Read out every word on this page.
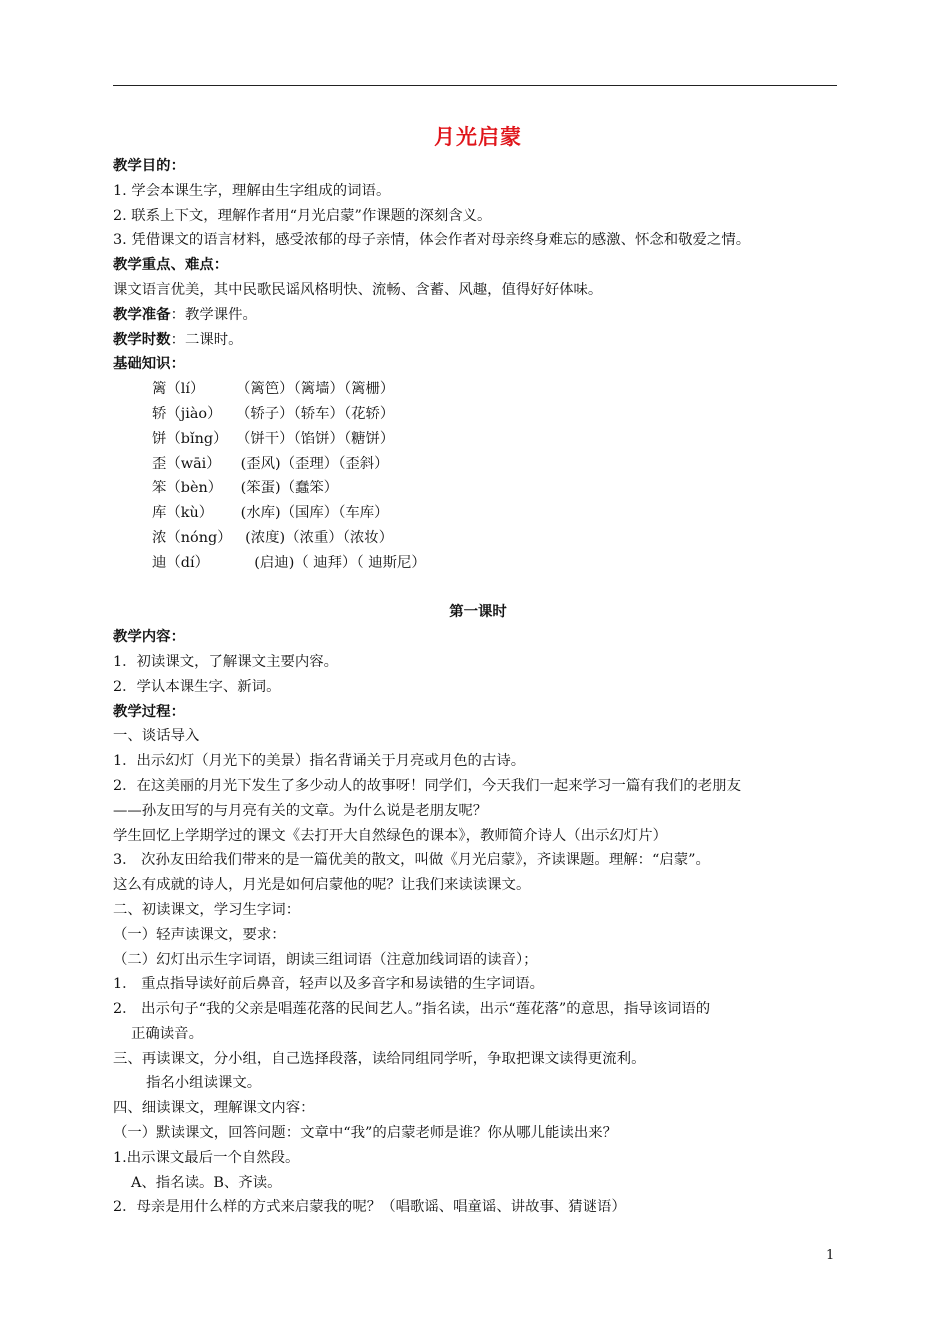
月光启蒙
教学目的：
1. 学会本课生字，理解由生字组成的词语。
2. 联系上下文，理解作者用“月光启蒙”作课题的深刻含义。
3. 凭借课文的语言材料，感受浓郁的母子亲情，体会作者对母亲终身难忘的感激、怀念和敬爱之情。
教学重点、难点：
课文语言优美，其中民歌民谣风格明快、流畅、含蓄、风趣，值得好好体味。
教学准备：教学课件。
教学时数：二课时。
基础知识：
篱（lí）	（篱笆）（篱墙）（篱栅）
轿（jiào）	（轿子）（轿车）（花轿）
饼（bǐng） （饼干）（馅饼）（糖饼）
歪（wāi）	(歪风)（歪理）（歪斜）
笨（bèn） (笨蛋)（蠢笨）
库（kù）	(水库)（国库）（车库）
浓（nóng） (浓度)（浓重）（浓妆）
迪（dí）	(启迪)（ 迪拜）（ 迪斯尼）
第一课时
教学内容：
1．初读课文，了解课文主要内容。
2．学认本课生字、新词。
教学过程：
一、谈话导入
1．出示幻灯（月光下的美景）指名背诵关于月亮或月色的古诗。
2．在这美丽的月光下发生了多少动人的故事呀！同学们，今天我们一起来学习一篇有我们的老朋友
——孙友田写的与月亮有关的文章。为什么说是老朋友呢？
学生回忆上学期学过的课文《去打开大自然绿色的课本》，教师简介诗人（出示幻灯片）
3． 次孙友田给我们带来的是一篇优美的散文，叫做《月光启蒙》，齐读课题。理解：“启蒙”。
这么有成就的诗人，月光是如何启蒙他的呢？让我们来读读课文。
二、初读课文，学习生字词：
（一）轻声读课文，要求：
（二）幻灯出示生字词语，朗读三组词语（注意加线词语的读音）；
1． 重点指导读好前后鼻音，轻声以及多音字和易读错的生字词语。
2． 出示句子“我的父亲是唱莲花落的民间艺人。”指名读，出示“莲花落”的意思，指导该词语的
正确读音。
三、再读课文，分小组，自己选择段落，读给同组同学听，争取把课文读得更流利。
指名小组读课文。
四、细读课文，理解课文内容：
（一）默读课文，回答问题：文章中“我”的启蒙老师是谁？你从哪儿能读出来？
1.出示课文最后一个自然段。
A、指名读。B、齐读。
2．母亲是用什么样的方式来启蒙我的呢？（唱歌谣、唱童谣、讲故事、猜谜语）
1
